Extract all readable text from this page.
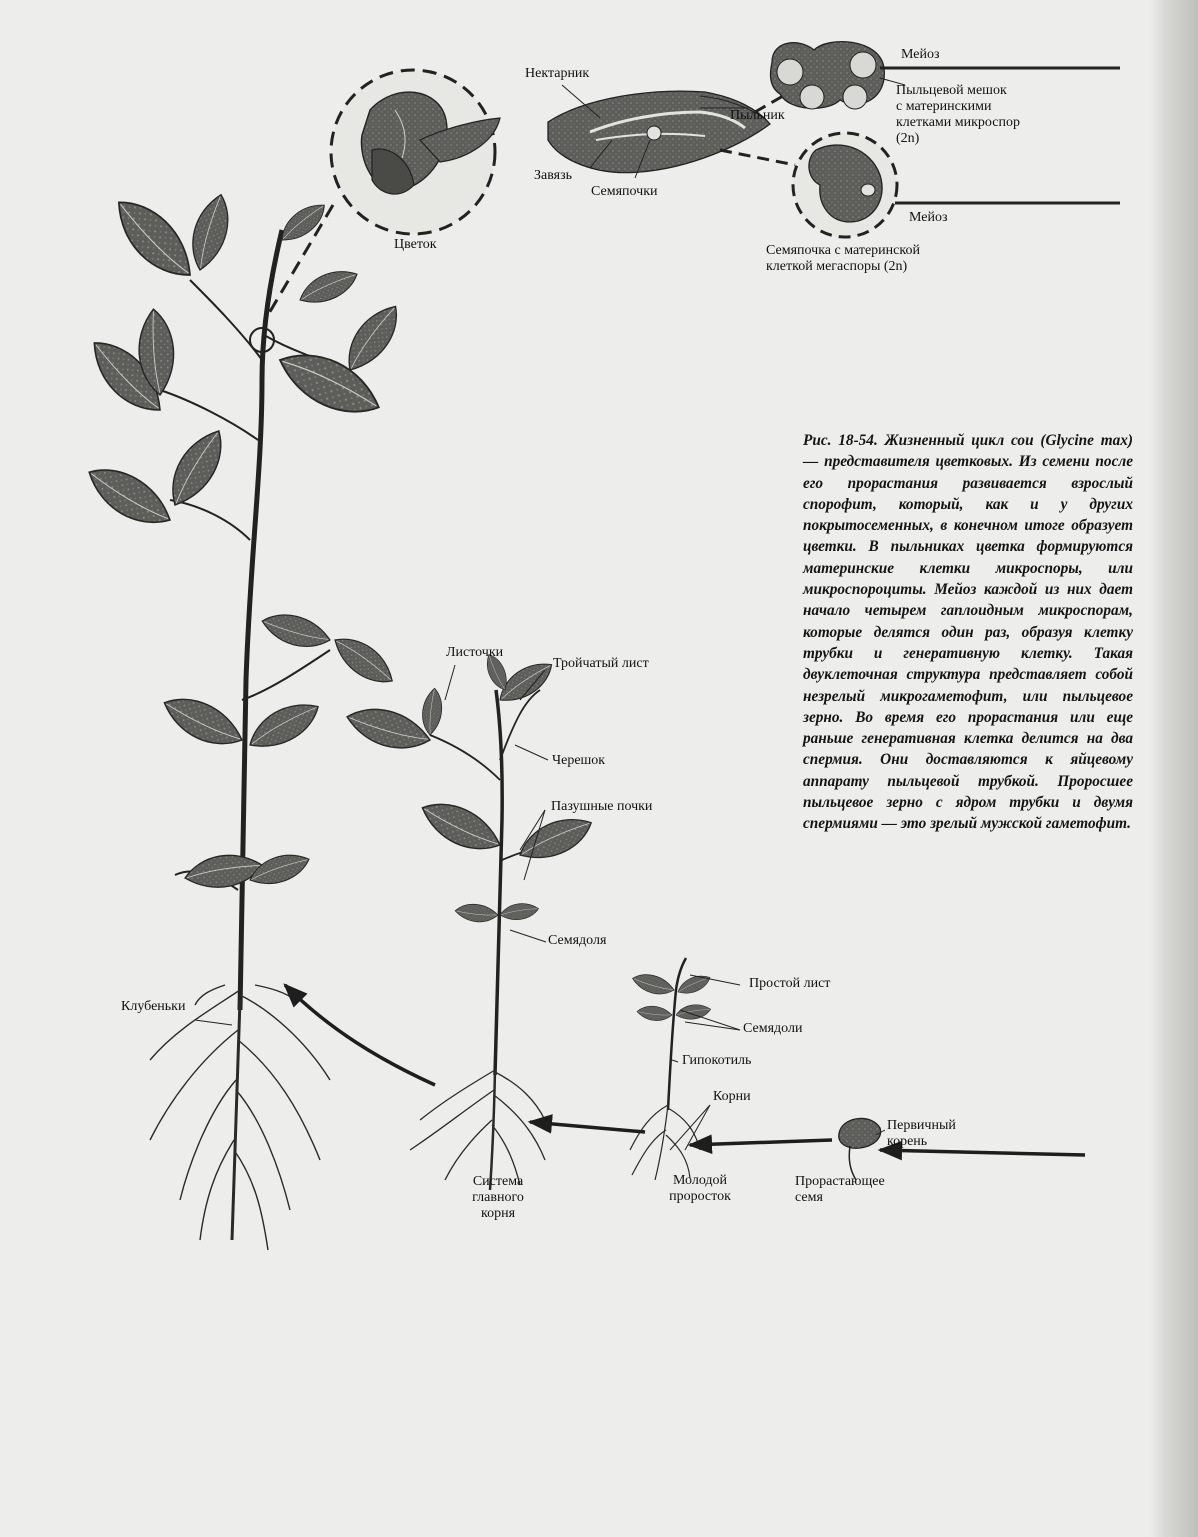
Нектарник
Завязь
Семяпочки
Пыльник
Мейоз
Пыльцевой мешок
с материнскими
клетками микроспор
(2n)
Мейоз
Семяпочка с материнской
клеткой мегаспоры (2n)
Цветок
Листочки
Тройчатый лист
Черешок
Пазушные почки
Семядоля
Простой лист
Семядоли
Гипокотиль
Корни
Клубеньки
Первичный
корень
Система
главного
корня
Молодой
проросток
Прорастающее
семя
Рис. 18-54. Жизненный цикл сои (Glycine max) — представителя цветковых. Из семени после его прорастания развивается взрослый спорофит, который, как и у других покрытосеменных, в конечном итоге образует цветки. В пыльниках цветка формируются материнские клетки микроспоры, или микроспороциты. Мейоз каждой из них дает начало четырем гаплоидным микроспорам, которые делятся один раз, образуя клетку трубки и генеративную клетку. Такая двуклеточная структура представляет собой незрелый микрогаметофит, или пыльцевое зерно. Во время его прорастания или еще раньше генеративная клетка делится на два спермия. Они доставляются к яйцевому аппарату пыльцевой трубкой. Проросшее пыльцевое зерно с ядром трубки и двумя спермиями — это зрелый мужской гаметофит.
